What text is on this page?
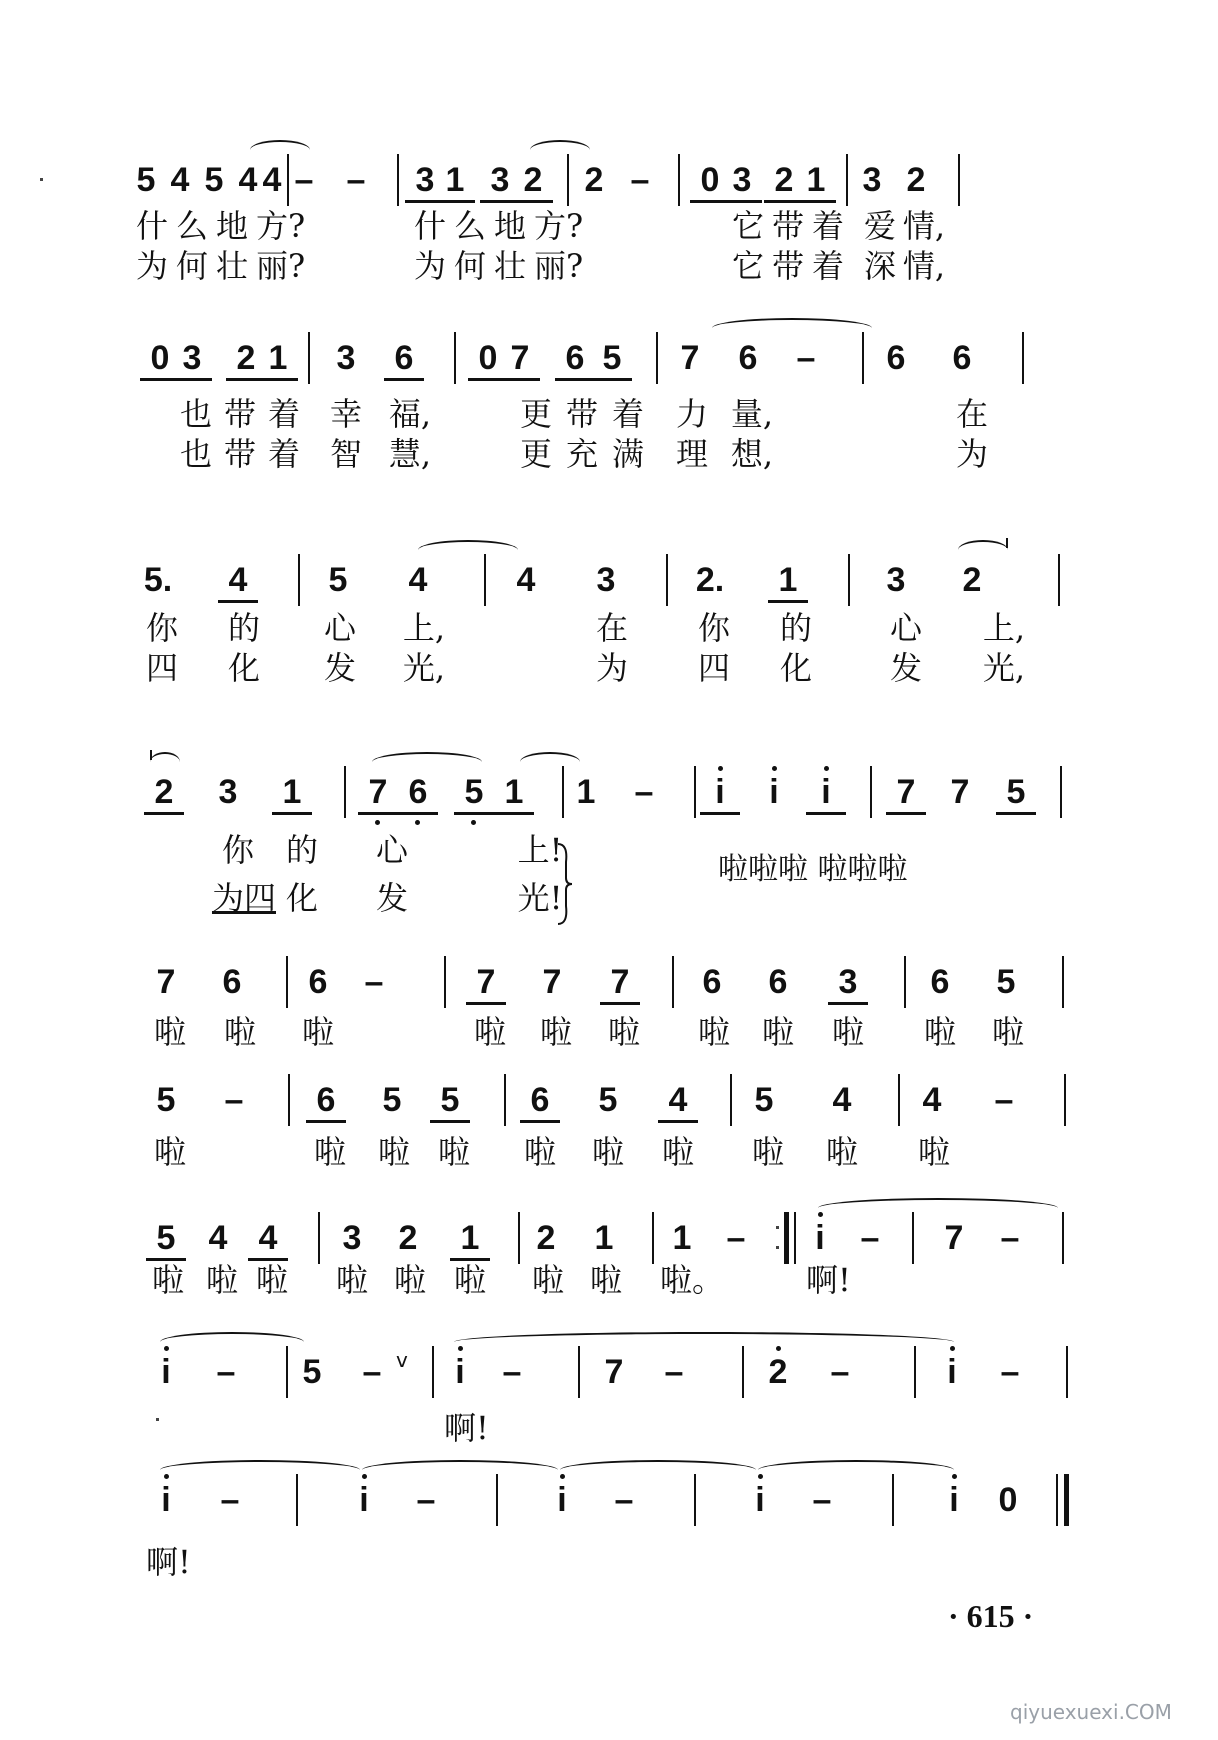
5 4 5 4 4 – –	3 1 3 2	2 –	0 3 2 1	3 2
什 么 地 方?	什 么 地 方?	它 带 着 爱 情,
为 何 壮 丽?	为 何 壮 丽?	它 带 着 深 情,
0 3	2 1	3	6	0 7	6 5	7	6	–	6	6
也 带 着 幸 福,	更 带 着 力 量,	在
也 带 着 智 慧,	更 充 满 理 想,	为
5.	4	5	4	4	3	2.	1	3	2
你 的 心 上,	在 你 的 心 上,
四 化 发 光,	为 四 化 发 光,
2	3	1	7 6	5 1	1	–	i	i	i	7	7	5
你 的 心	上!
为四 化 发	光!
啦啦啦 啦啦啦
7	6	6	–	7	7	7	6	6	3	6	5
啦 啦 啦	啦 啦 啦 啦 啦 啦 啦 啦
5	–	6	5	5	6	5	4	5	4	4	–
啦	啦 啦 啦 啦 啦 啦 啦 啦 啦
5 4 4	3	2	1	2	1	1	–	i	–	7	–
啦 啦 啦 啦 啦 啦 啦 啦 啦。	啊!
i	–	5	– v	i	–	7	–	2	–	i	–
啊!
i	–	i	–	i	–	i	–	i	0
啊!
· 615 ·
qiyuexuexi.COM
